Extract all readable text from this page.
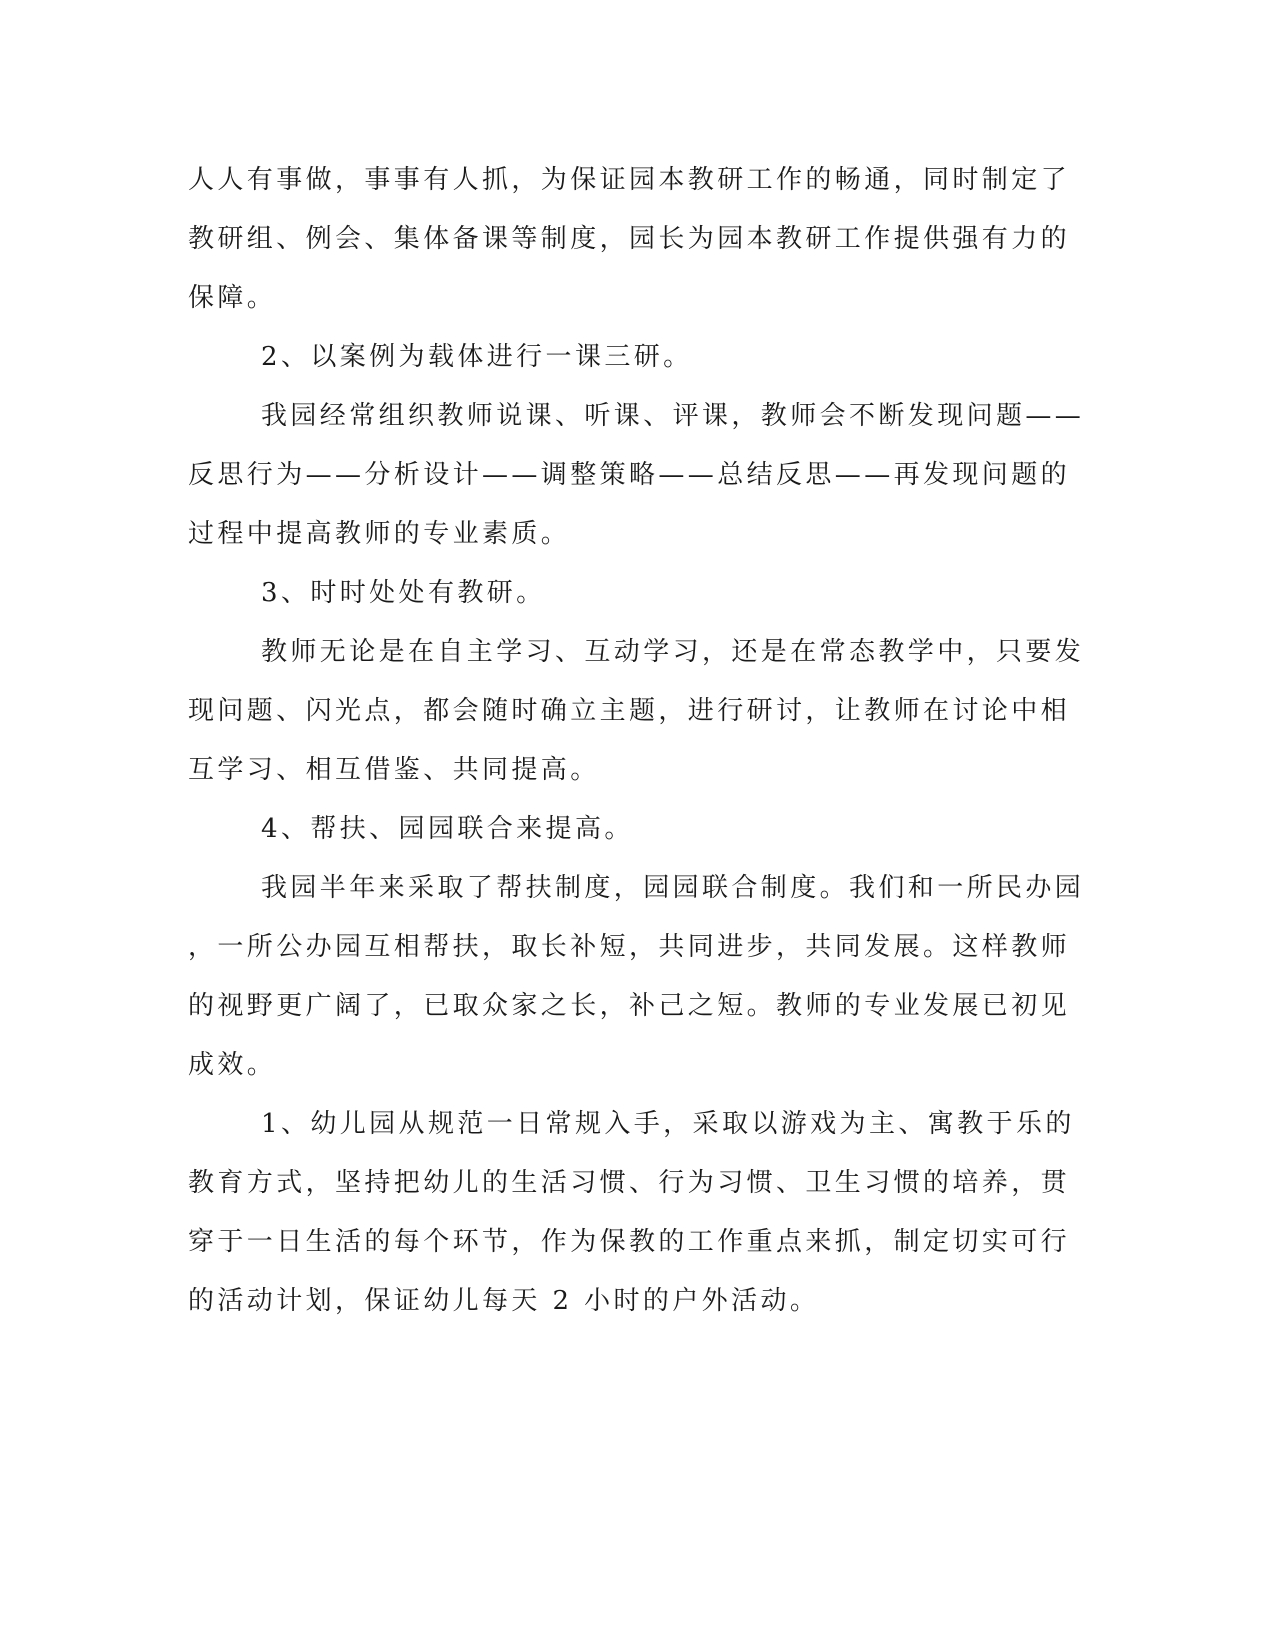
人人有事做，事事有人抓，为保证园本教研工作的畅通，同时制定了

教研组、例会、集体备课等制度，园长为园本教研工作提供强有力的

保障。

2、以案例为载体进行一课三研。

我园经常组织教师说课、听课、评课，教师会不断发现问题——

反思行为——分析设计——调整策略——总结反思——再发现问题的

过程中提高教师的专业素质。

3、时时处处有教研。

教师无论是在自主学习、互动学习，还是在常态教学中，只要发

现问题、闪光点，都会随时确立主题，进行研讨，让教师在讨论中相

互学习、相互借鉴、共同提高。

4、帮扶、园园联合来提高。

我园半年来采取了帮扶制度，园园联合制度。我们和一所民办园

，一所公办园互相帮扶，取长补短，共同进步，共同发展。这样教师

的视野更广阔了，已取众家之长，补己之短。教师的专业发展已初见

成效。

1、幼儿园从规范一日常规入手，采取以游戏为主、寓教于乐的

教育方式，坚持把幼儿的生活习惯、行为习惯、卫生习惯的培养，贯

穿于一日生活的每个环节，作为保教的工作重点来抓，制定切实可行

的活动计划，保证幼儿每天 2 小时的户外活动。
